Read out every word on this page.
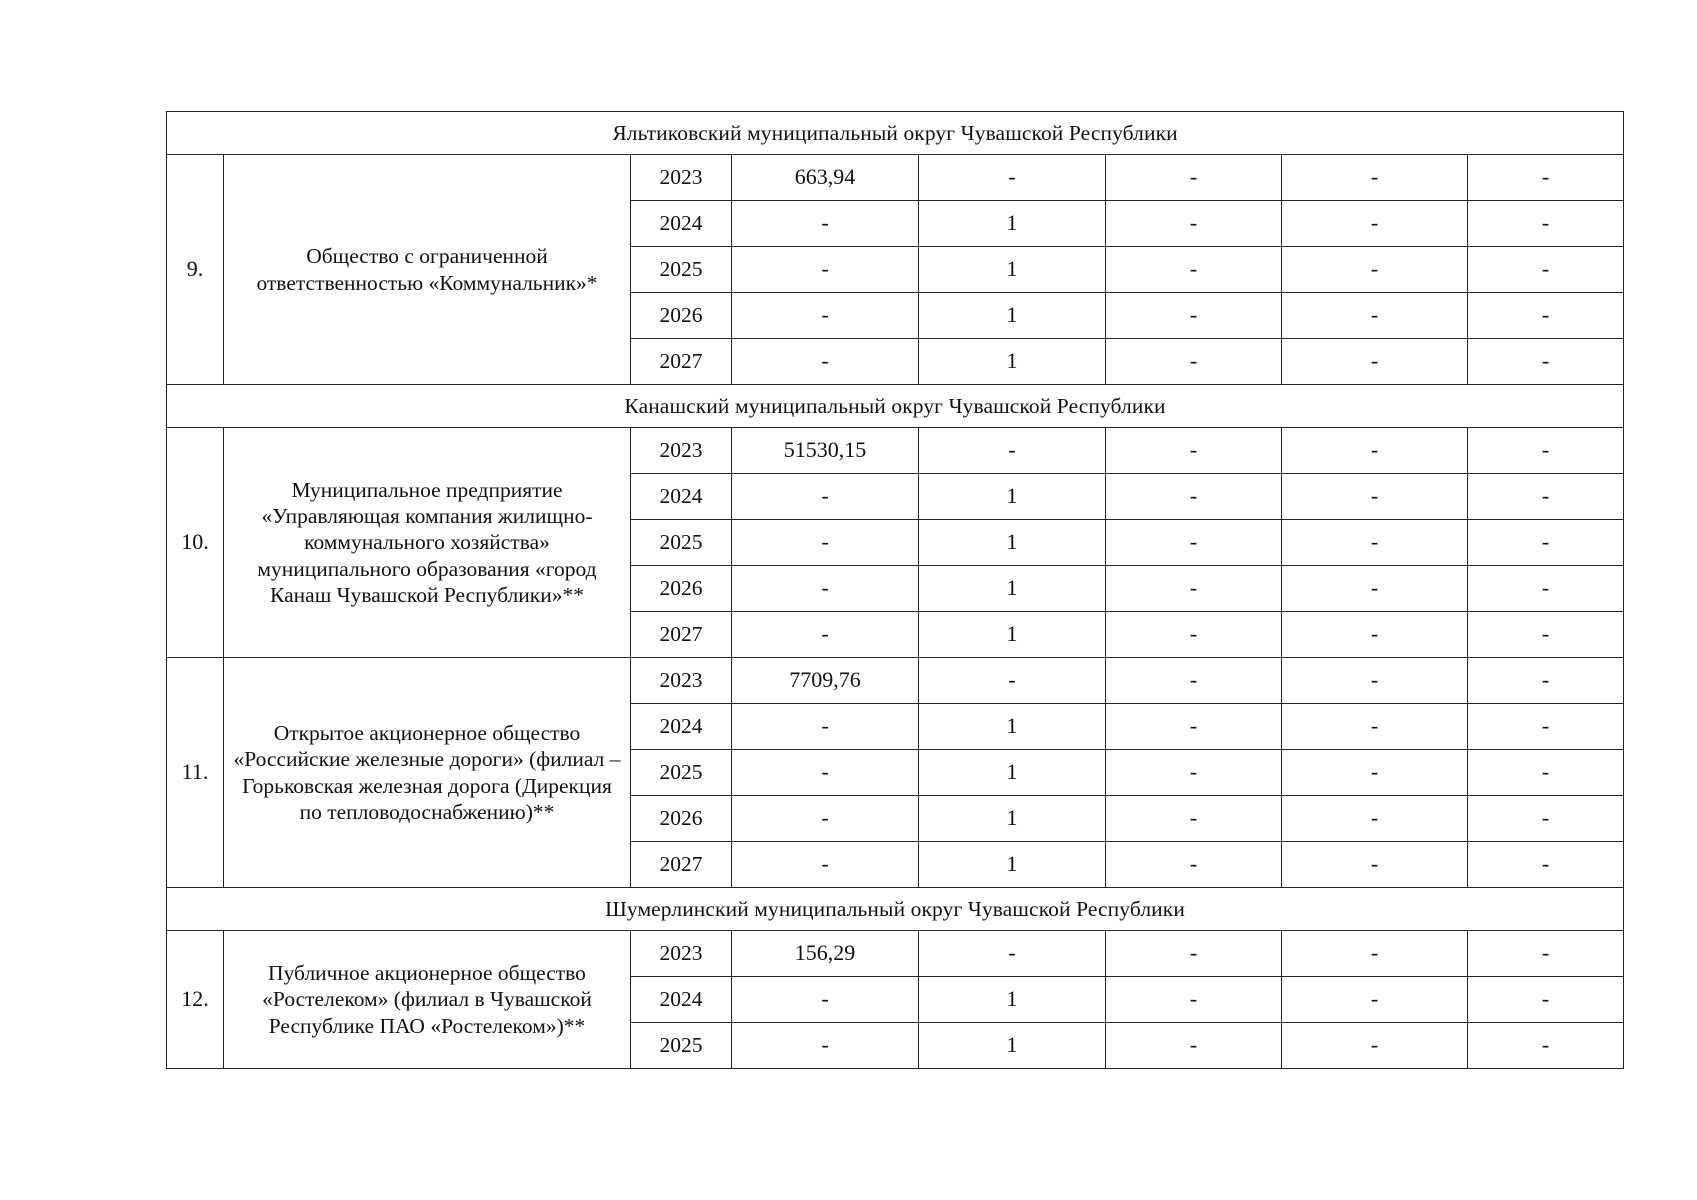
Яльтиковский муниципальный округ Чувашской Республики							
9.	Общество с ограниченной ответственностью «Коммунальник»*	2023	663,94	-	-	-	-
		2024	-	1	-	-	-
		2025	-	1	-	-	-
		2026	-	1	-	-	-
		2027	-	1	-	-	-
Канашский муниципальный округ Чувашской Республики							
10.	Муниципальное предприятие «Управляющая компания жилищно-коммунального хозяйства» муниципального образования «город Канаш Чувашской Республики»**	2023	51530,15	-	-	-	-
		2024	-	1	-	-	-
		2025	-	1	-	-	-
		2026	-	1	-	-	-
		2027	-	1	-	-	-
11.	Открытое акционерное общество «Российские железные дороги» (филиал – Горьковская железная дорога (Дирекция по тепловодоснабжению)**	2023	7709,76	-	-	-	-
		2024	-	1	-	-	-
		2025	-	1	-	-	-
		2026	-	1	-	-	-
		2027	-	1	-	-	-
Шумерлинский муниципальный округ Чувашской Республики							
12.	Публичное акционерное общество «Ростелеком» (филиал в Чувашской Республике ПАО «Ростелеком»)**	2023	156,29	-	-	-	-
		2024	-	1	-	-	-
		2025	-	1	-	-	-
